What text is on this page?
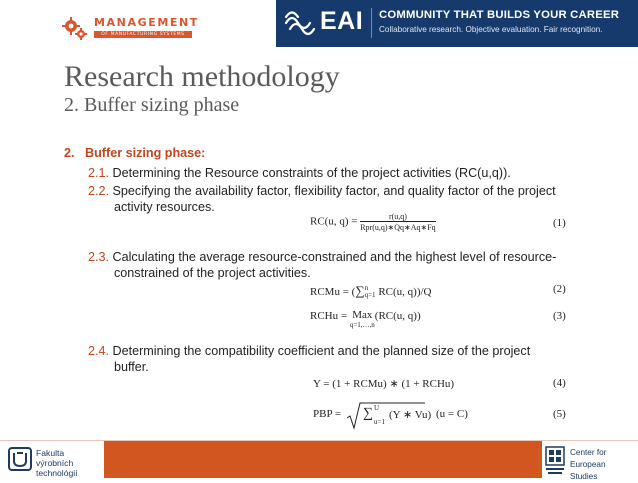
MANAGEMENT
OF MANUFACTURING SYSTEMS	EAI COMMUNITY THAT BUILDS YOUR CAREER
Collaborative research. Objective evaluation. Fair recognition.
Research methodology
2. Buffer sizing phase
2. Buffer sizing phase:
2.1. Determining the Resource constraints of the project activities (RC(u,q)).
2.2. Specifying the availability factor, flexibility factor, and quality factor of the project
activity resources.
RC(u, $q) = \frac{r(u,q)}{\text{Rpr(u,q)∗Qq∗Aq∗Fq}}$	(1)
2.3. Calculating the average resource-constrained and the highest level of resource-
constrained of the project activities.
RCMu = (∑ n
q=1 RC(u, q))/Q	(2)
RCHu = Max
q=1,…,n
(RC(u, q))	(3)
2.4. Determining the compatibility coefficient and the planned size of the project
buffer.
Y = (1 + RCMu) ∗ (1 + RCHu)	(4)
PBP = ∑ U
u=1
(Y ∗ Vu) (u = C)	(5)
Fakulta výrobních
technológií
Center for European
Studies
